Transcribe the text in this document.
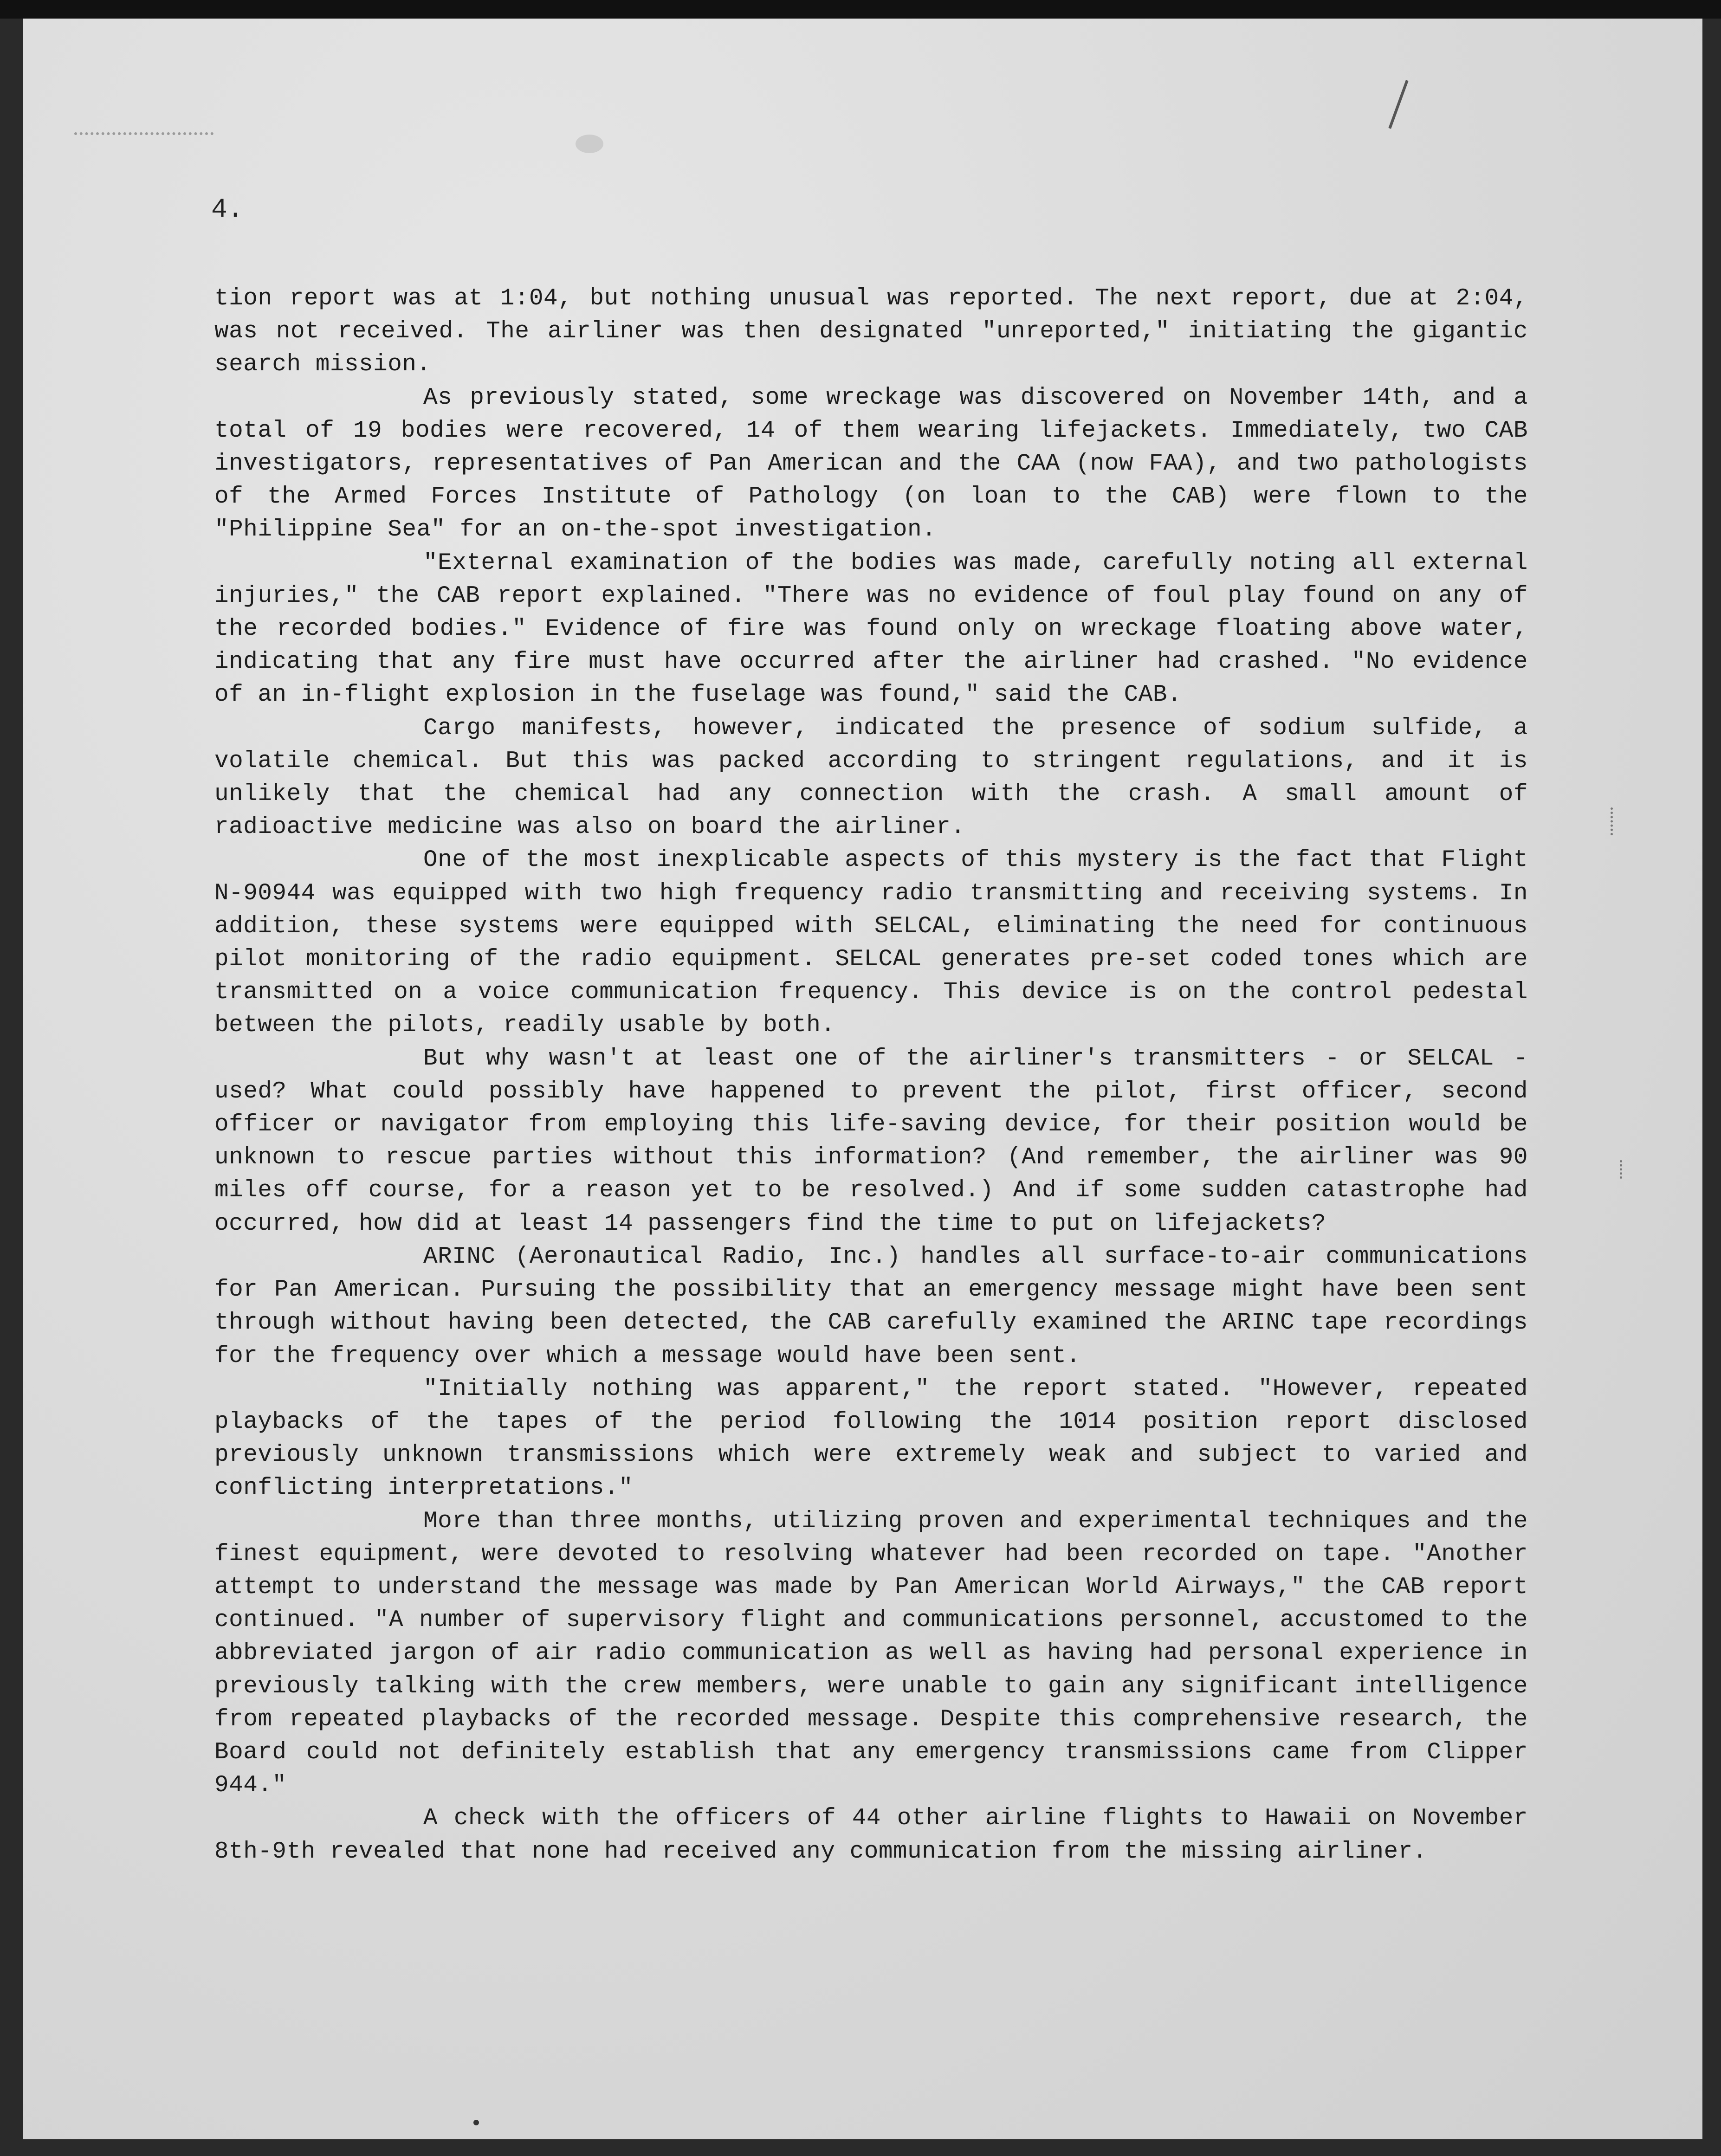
4.

tion report was at 1:04, but nothing unusual was reported. The next report, due at 2:04, was not received. The airliner was then designated "unreported," initiating the gigantic search mission.

As previously stated, some wreckage was discovered on November 14th, and a total of 19 bodies were recovered, 14 of them wearing lifejackets. Immediately, two CAB investigators, representatives of Pan American and the CAA (now FAA), and two pathologists of the Armed Forces Institute of Pathology (on loan to the CAB) were flown to the "Philippine Sea" for an on-the-spot investigation.

"External examination of the bodies was made, carefully noting all external injuries," the CAB report explained. "There was no evidence of foul play found on any of the recorded bodies." Evidence of fire was found only on wreckage floating above water, indicating that any fire must have occurred after the airliner had crashed. "No evidence of an in-flight explosion in the fuselage was found," said the CAB.

Cargo manifests, however, indicated the presence of sodium sulfide, a volatile chemical. But this was packed according to stringent regulations, and it is unlikely that the chemical had any connection with the crash. A small amount of radioactive medicine was also on board the airliner.

One of the most inexplicable aspects of this mystery is the fact that Flight N-90944 was equipped with two high frequency radio transmitting and receiving systems. In addition, these systems were equipped with SELCAL, eliminating the need for continuous pilot monitoring of the radio equipment. SELCAL generates pre-set coded tones which are transmitted on a voice communication frequency. This device is on the control pedestal between the pilots, readily usable by both.

But why wasn't at least one of the airliner's transmitters - or SELCAL - used? What could possibly have happened to prevent the pilot, first officer, second officer or navigator from employing this life-saving device, for their position would be unknown to rescue parties without this information? (And remember, the airliner was 90 miles off course, for a reason yet to be resolved.) And if some sudden catastrophe had occurred, how did at least 14 passengers find the time to put on lifejackets?

ARINC (Aeronautical Radio, Inc.) handles all surface-to-air communications for Pan American. Pursuing the possibility that an emergency message might have been sent through without having been detected, the CAB carefully examined the ARINC tape recordings for the frequency over which a message would have been sent.

"Initially nothing was apparent," the report stated. "However, repeated playbacks of the tapes of the period following the 1014 position report disclosed previously unknown transmissions which were extremely weak and subject to varied and conflicting interpretations."

More than three months, utilizing proven and experimental techniques and the finest equipment, were devoted to resolving whatever had been recorded on tape. "Another attempt to understand the message was made by Pan American World Airways," the CAB report continued. "A number of supervisory flight and communications personnel, accustomed to the abbreviated jargon of air radio communication as well as having had personal experience in previously talking with the crew members, were unable to gain any significant intelligence from repeated playbacks of the recorded message. Despite this comprehensive research, the Board could not definitely establish that any emergency transmissions came from Clipper 944."

A check with the officers of 44 other airline flights to Hawaii on November 8th-9th revealed that none had received any communication from the missing airliner.
